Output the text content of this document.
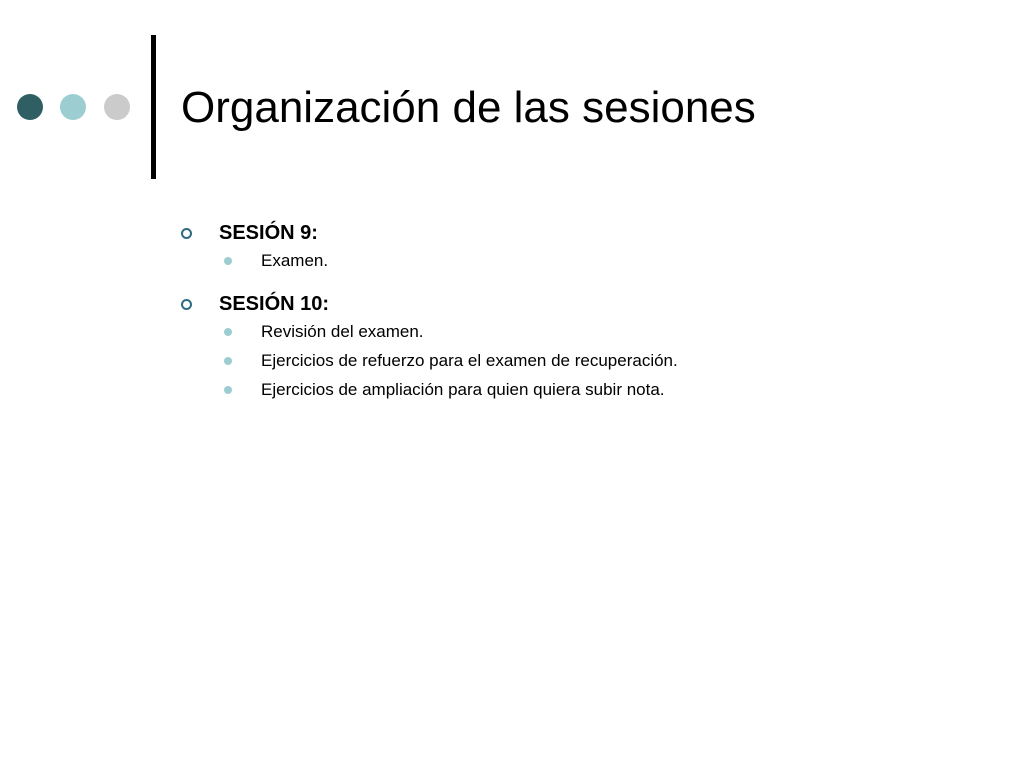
Organización de las sesiones
SESIÓN 9:
Examen.
SESIÓN 10:
Revisión del examen.
Ejercicios de refuerzo para el examen de recuperación.
Ejercicios de ampliación para quien quiera subir nota.
